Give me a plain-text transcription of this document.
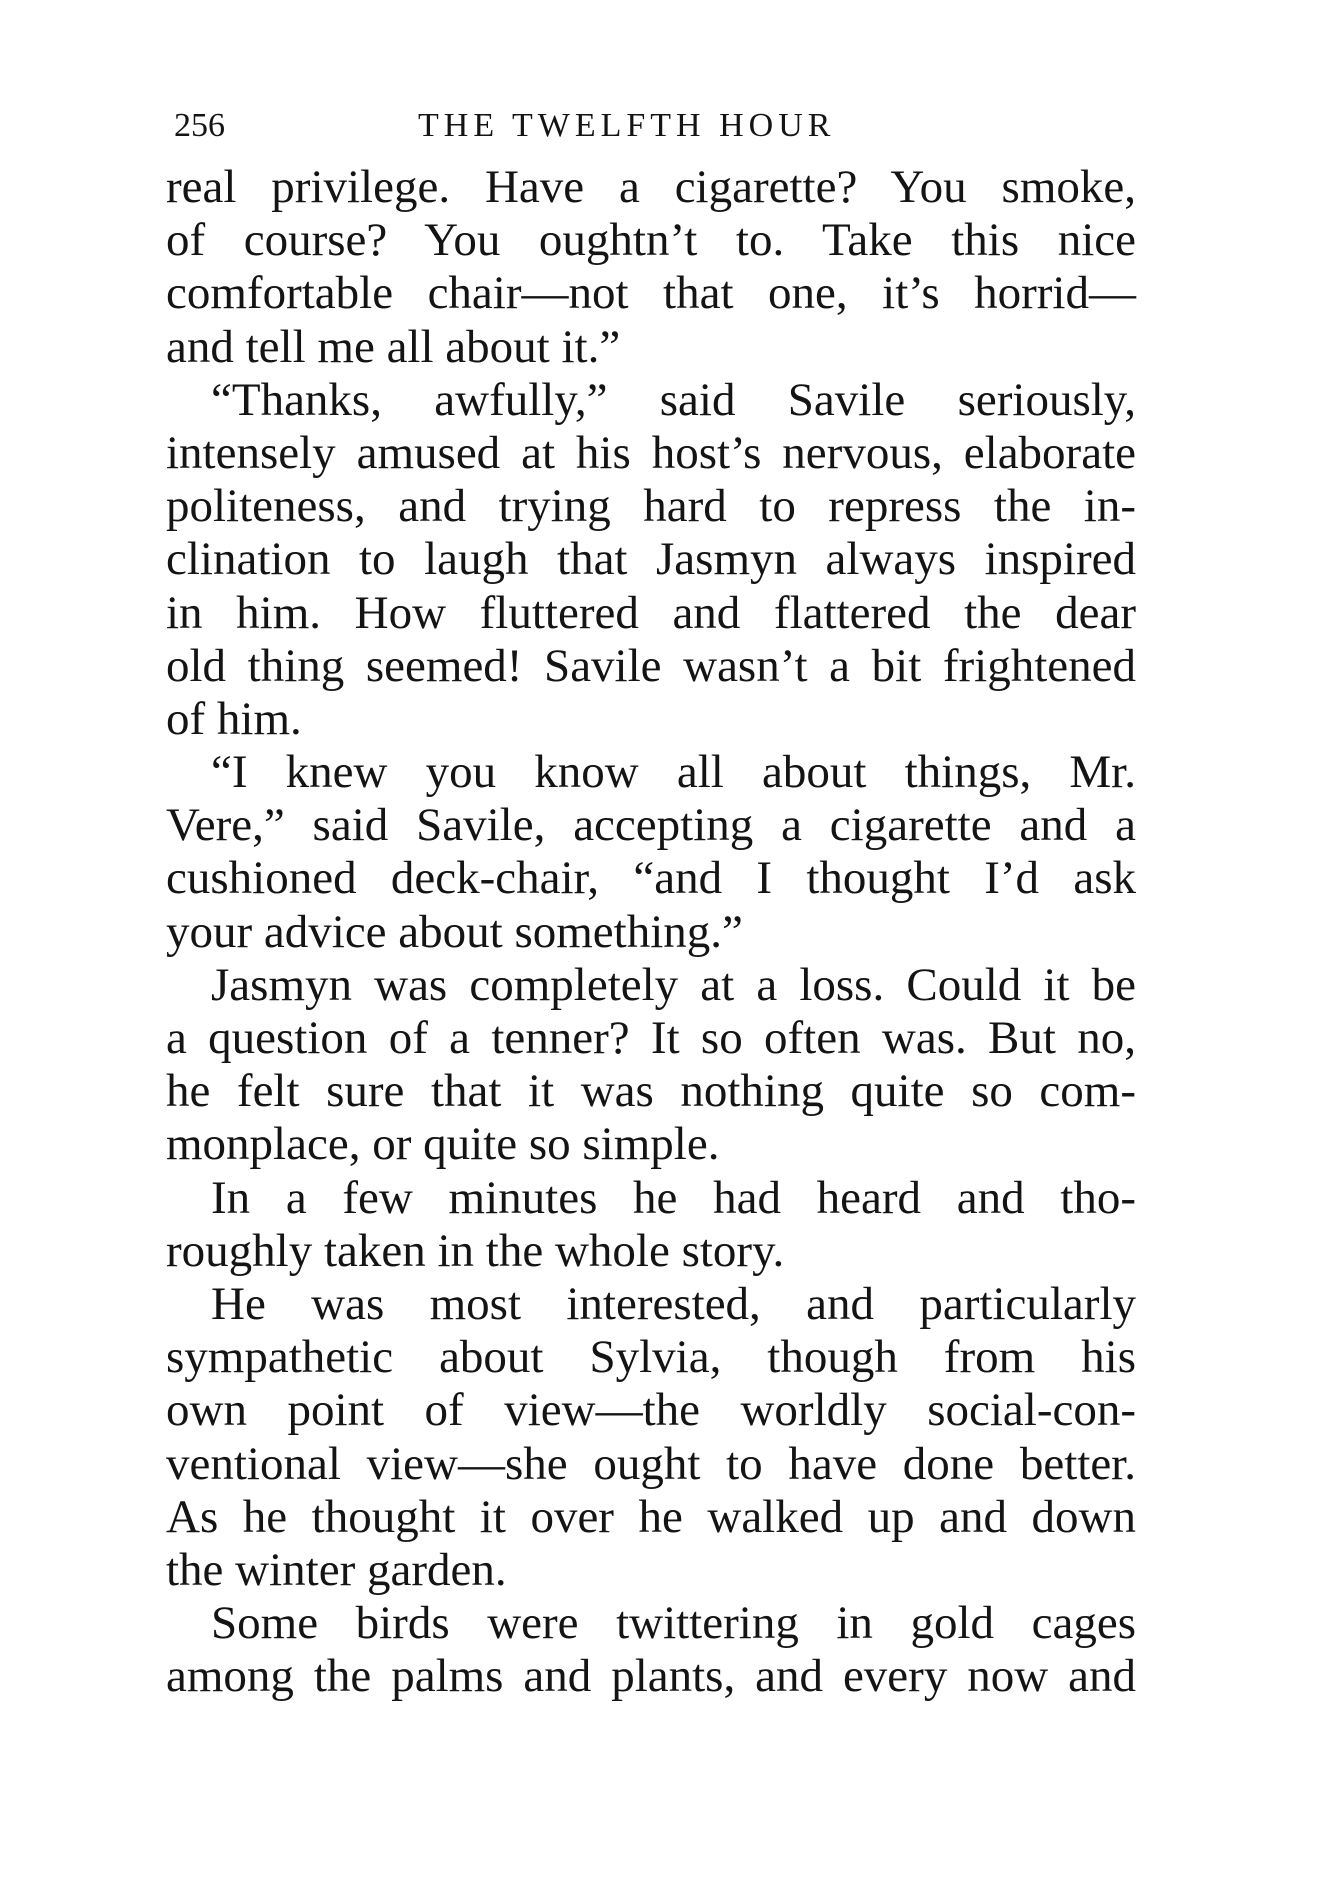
256	THE TWELFTH HOUR
real privilege. Have a cigarette? You smoke,
of course? You oughtn’t to. Take this nice
comfortable chair—not that one, it’s horrid—
and tell me all about it.”
“Thanks, awfully,” said Savile seriously,
intensely amused at his host’s nervous, elaborate
politeness, and trying hard to repress the in-
clination to laugh that Jasmyn always inspired
in him. How fluttered and flattered the dear
old thing seemed! Savile wasn’t a bit frightened
of him.
“I knew you know all about things, Mr.
Vere,” said Savile, accepting a cigarette and a
cushioned deck-chair, “and I thought I’d ask
your advice about something.”
Jasmyn was completely at a loss. Could it be
a question of a tenner? It so often was. But no,
he felt sure that it was nothing quite so com-
monplace, or quite so simple.
In a few minutes he had heard and tho-
roughly taken in the whole story.
He was most interested, and particularly
sympathetic about Sylvia, though from his
own point of view—the worldly social-con-
ventional view—she ought to have done better.
As he thought it over he walked up and down
the winter garden.
Some birds were twittering in gold cages
among the palms and plants, and every now and
